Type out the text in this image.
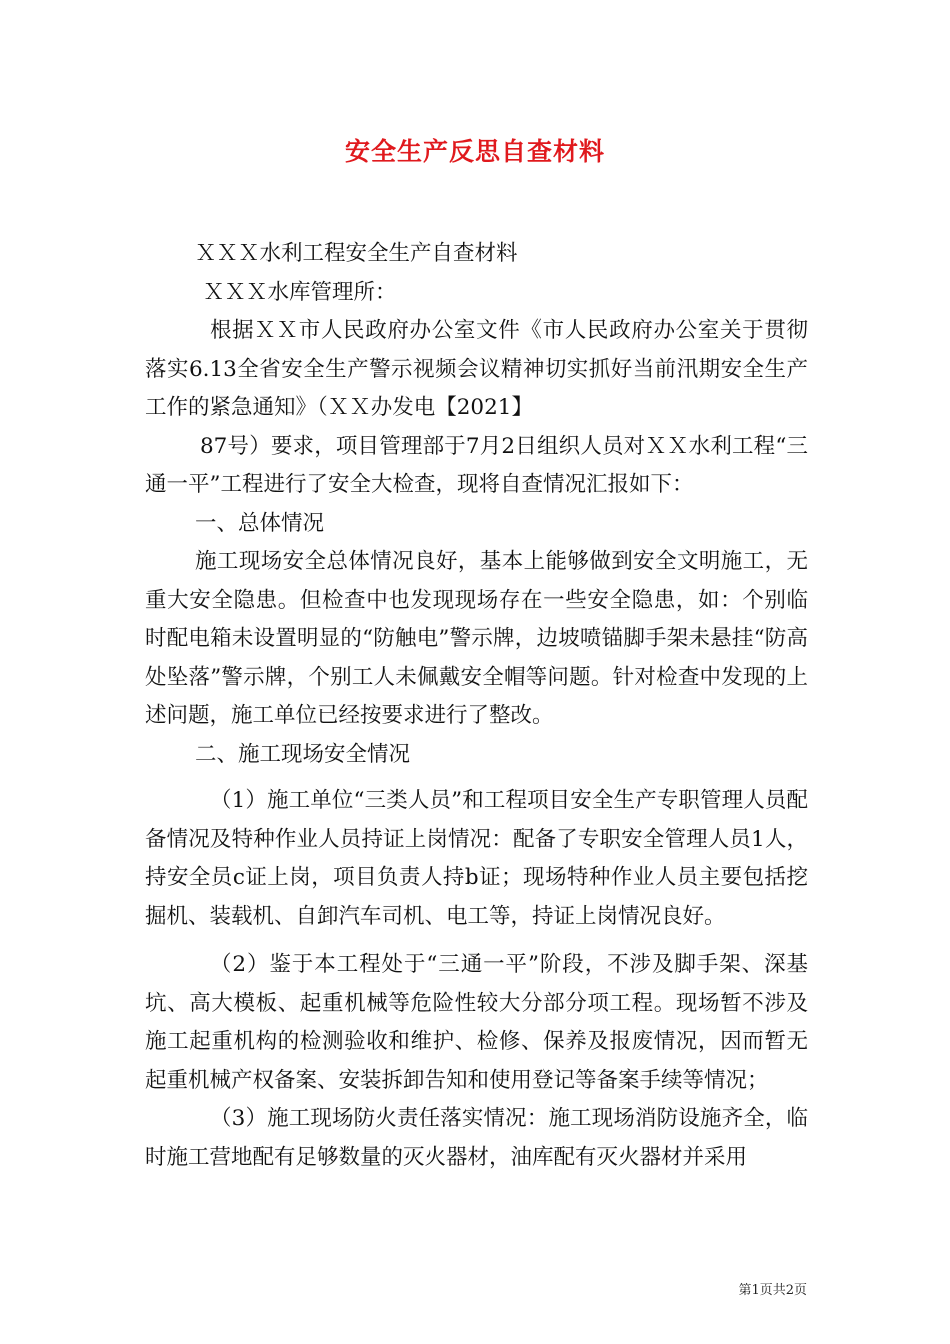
安全生产反思自查材料

ＸＸＸ水利工程安全生产自查材料

ＸＸＸ水库管理所：

根据ＸＸ市人民政府办公室文件《市人民政府办公室关于贯彻落实6.13全省安全生产警示视频会议精神切实抓好当前汛期安全生产工作的紧急通知》（ＸＸ办发电【2021】

87号）要求，项目管理部于7月2日组织人员对ＸＸ水利工程“三通一平”工程进行了安全大检查，现将自查情况汇报如下：

一、总体情况

施工现场安全总体情况良好，基本上能够做到安全文明施工，无重大安全隐患。但检查中也发现现场存在一些安全隐患，如：个别临时配电箱未设置明显的“防触电”警示牌，边坡喷锚脚手架未悬挂“防高处坠落”警示牌，个别工人未佩戴安全帽等问题。针对检查中发现的上述问题，施工单位已经按要求进行了整改。

二、施工现场安全情况

（1）施工单位“三类人员”和工程项目安全生产专职管理人员配备情况及特种作业人员持证上岗情况：配备了专职安全管理人员1人，持安全员c证上岗，项目负责人持b证；现场特种作业人员主要包括挖掘机、装载机、自卸汽车司机、电工等，持证上岗情况良好。

（2）鉴于本工程处于“三通一平”阶段，不涉及脚手架、深基坑、高大模板、起重机械等危险性较大分部分项工程。现场暂不涉及施工起重机构的检测验收和维护、检修、保养及报废情况，因而暂无起重机械产权备案、安装拆卸告知和使用登记等备案手续等情况；

（3）施工现场防火责任落实情况：施工现场消防设施齐全，临时施工营地配有足够数量的灭火器材，油库配有灭火器材并采用

第1页共2页
